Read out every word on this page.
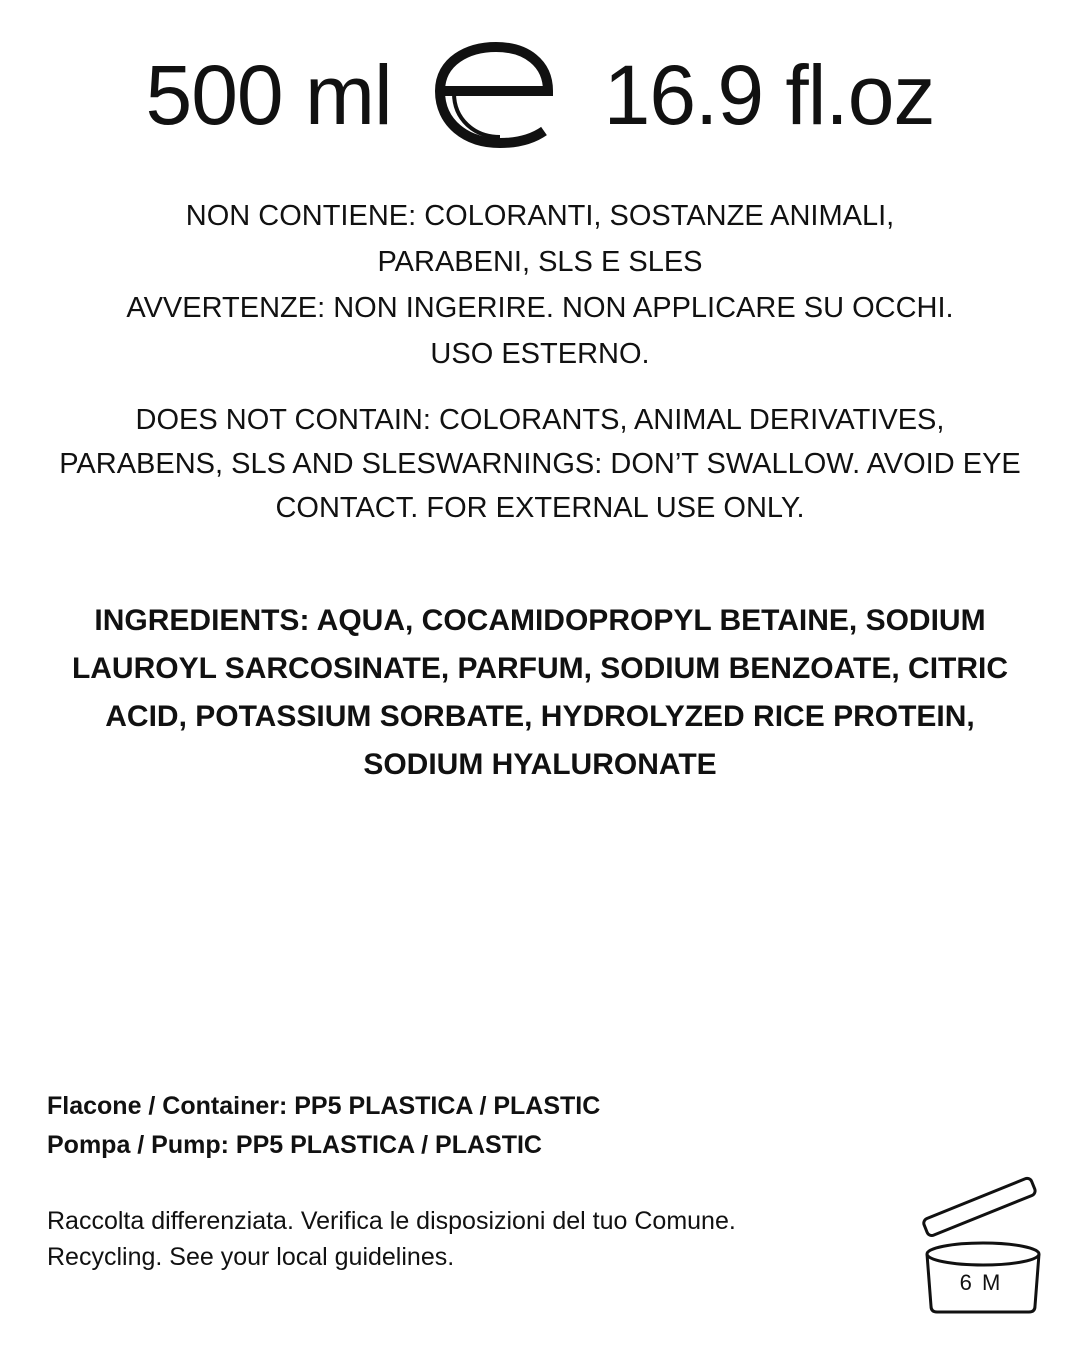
500 ml	16.9 fl.oz
NON CONTIENE: COLORANTI, SOSTANZE ANIMALI,
PARABENI, SLS E SLES
AVVERTENZE: NON INGERIRE. NON APPLICARE SU OCCHI.
USO ESTERNO.
DOES NOT CONTAIN: COLORANTS, ANIMAL DERIVATIVES,
PARABENS, SLS AND SLESWARNINGS: DON’T SWALLOW. AVOID EYE
CONTACT. FOR EXTERNAL USE ONLY.
INGREDIENTS: AQUA, COCAMIDOPROPYL BETAINE, SODIUM
LAUROYL SARCOSINATE, PARFUM, SODIUM BENZOATE, CITRIC
ACID, POTASSIUM SORBATE, HYDROLYZED RICE PROTEIN,
SODIUM HYALURONATE
Flacone / Container: PP5 PLASTICA / PLASTIC
Pompa / Pump: PP5 PLASTICA / PLASTIC
Raccolta differenziata. Verifica le disposizioni del tuo Comune.
Recycling. See your local guidelines.
6 M
